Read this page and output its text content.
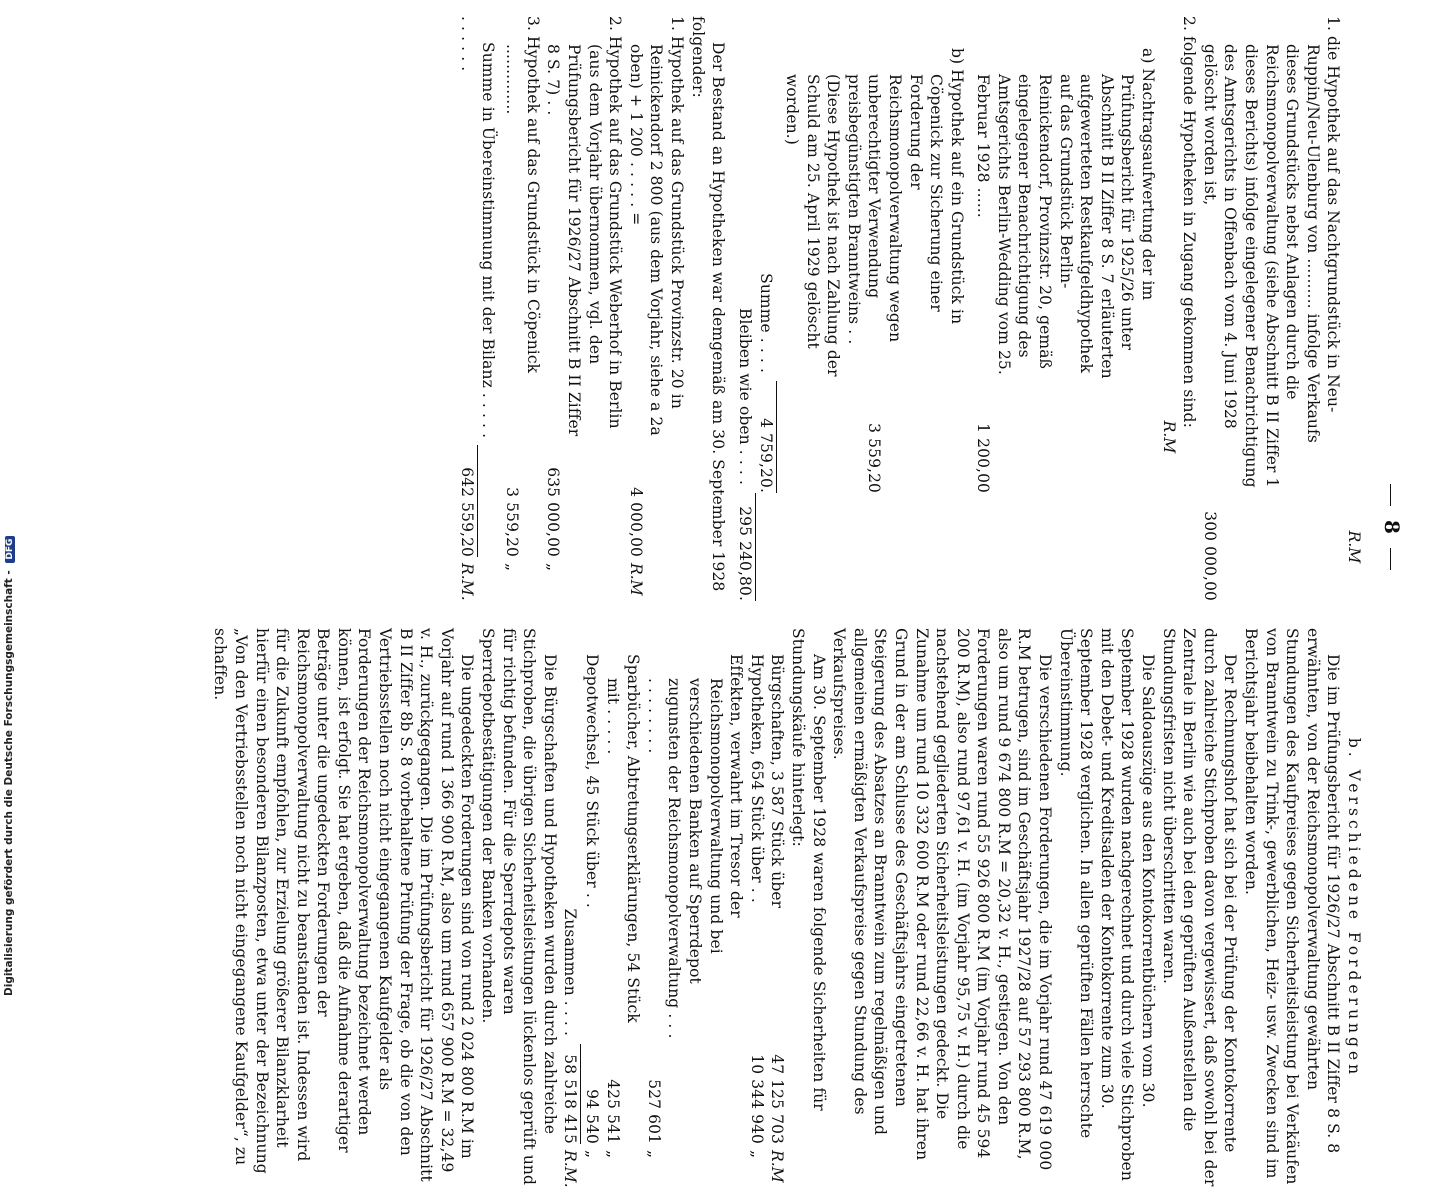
8
R.M
1. die Hypothek auf das Nachtgrundstück in Neu-Ruppin/Neu-Ulenburg von .......... infolge Verkaufs dieses Grundstücks nebst Anlagen durch die Reichsmonopolverwaltung (siehe Abschnitt B II Ziffer 1 dieses Berichts) infolge eingelegener Benachrichtigung des Amtsgerichts in Offenbach vom 4. Juni 1928 gelöscht worden ist,
300 000,00
2. folgende Hypotheken in Zugang gekommen sind:
R.M
a) Nachtragsaufwertung der im Prüfungsbericht für 1925/26 unter Abschnitt B II Ziffer 8 S. 7 erläuterten aufgewerteten Restkaufgeldhypothek auf das Grundstück Berlin-Reinickendorf, Provinzstr. 20, gemäß eingelegener Benachrichtigung des Amtsgerichts Berlin-Wedding vom 25. Februar 1928 ......
1 200,00
b) Hypothek auf ein Grundstück in Cöpenick zur Sicherung einer Forderung der Reichsmonopolverwaltung wegen unberechtigter Verwendung preisbegünstigten Branntweins . . (Diese Hypothek ist nach Zahlung der Schuld am 25. April 1929 gelöscht worden.)
3 559,20
Summe . . . .
4 759,20.
Bleiben wie oben . . . .
295 240,80.

Der Bestand an Hypotheken war demgemäß am 30. September 1928 folgender:

1. Hypothek auf das Grundstück Provinzstr. 20 in Reinickendorf 2 800 (aus dem Vorjahr, siehe a 2a oben) + 1 200 . . . . . =
4 000,00
R.M
2. Hypothek auf das Grundstück Weberhof in Berlin (aus dem Vorjahr übernommen, vgl. den Prüfungsbericht für 1926/27 Abschnitt B II Ziffer 8 S. 7) . .
635 000,00
„
3. Hypothek auf das Grundstück in Cöpenick ..............
3 559,20
„
Summe in Übereinstimmung mit der Bilanz . . . . . . . . . . .
642 559,20
R.M.
b. Verschiedene Forderungen

Die im Prüfungsbericht für 1926/27 Abschnitt B II Ziffer 8 S. 8 erwähnten, von der Reichsmonopolverwaltung gewährten Stundungen des Kaufpreises gegen Sicherheitsleistung bei Verkäufen von Branntwein zu Trink-, gewerblichen, Heiz- usw. Zwecken sind im Berichtsjahr beibehalten worden.

Der Rechnungshof hat sich bei der Prüfung der Kontokorrente durch zahlreiche Stichproben davon vergewissert, daß sowohl bei der Zentrale in Berlin wie auch bei den geprüften Außenstellen die Stundungsfristen nicht überschritten waren.

Die Saldoauszüge aus den Kontokorrentbüchern vom 30. September 1928 wurden nachgerechnet und durch viele Stichproben mit den Debet- und Kreditsalden der Kontokorrente zum 30. September 1928 verglichen. In allen geprüften Fällen herrschte Übereinstimmung.

Die verschiedenen Forderungen, die im Vorjahr rund 47 619 000 R.M betrugen, sind im Geschäftsjahr 1927/28 auf 57 293 800 R.M, also um rund 9 674 800 R.M = 20,32 v. H., gestiegen. Von den Forderungen waren rund 55 926 800 R.M (im Vorjahr rund 45 594 200 R.M), also rund 97,61 v. H. (im Vorjahr 95,75 v. H.) durch die nachstehend gegliederten Sicherheitsleistungen gedeckt. Die Zunahme um rund 10 332 600 R.M oder rund 22,66 v. H. hat ihren Grund in der am Schlusse des Geschäftsjahrs eingetretenen Steigerung des Absatzes an Branntwein zum regelmäßigen und allgemeinen ermäßigten Verkaufspreise gegen Stundung des Verkaufspreises.

Am 30. September 1928 waren folgende Sicherheiten für Stundungskäufe hinterlegt:

Bürgschaften, 3 587 Stück über
47 125 703
R.M
Hypotheken, 654 Stück über . .
10 344 940
„
Effekten, verwahrt im Tresor der Reichsmonopolverwaltung und bei verschiedenen Banken auf Sperrdepot zugunsten der Reichsmonopolverwaltung . . . . . . . . . . .
527 601
„
Sparbücher, Abtretungserklärungen, 54 Stück mit . . . . .
425 541
„
Depotwechsel, 45 Stück über . .
94 540
„
Zusammen . . . .
58 518 415
R.M.

Die Bürgschaften und Hypotheken wurden durch zahlreiche Stichproben, die übrigen Sicherheitsleistungen lückenlos geprüft und für richtig befunden. Für die Sperrdepots waren Sperrdepotbestätigungen der Banken vorhanden.

Die ungedeckten Forderungen sind von rund 2 024 800 R.M im Vorjahr auf rund 1 366 900 R.M, also um rund 657 900 R.M = 32,49 v. H., zurückgegangen. Die im Prüfungsbericht für 1926/27 Abschnitt B II Ziffer 8b S. 8 vorbehaltene Prüfung der Frage, ob die von den Vertriebsstellen noch nicht eingegangenen Kaufgelder als Forderungen der Reichsmonopolverwaltung bezeichnet werden können, ist erfolgt. Sie hat ergeben, daß die Aufnahme derartiger Beträge unter die ungedeckten Forderungen der Reichsmonopolverwaltung nicht zu beanstanden ist. Indessen wird für die Zukunft empfohlen, zur Erzielung größerer Bilanzklarheit hierfür einen besonderen Bilanzposten, etwa unter der Bezeichnung „Von den Vertriebsstellen noch nicht eingegangene Kaufgelder“, zu schaffen.

Digitalisierung gefördert durch die Deutsche Forschungsgemeinschaft - DFG
